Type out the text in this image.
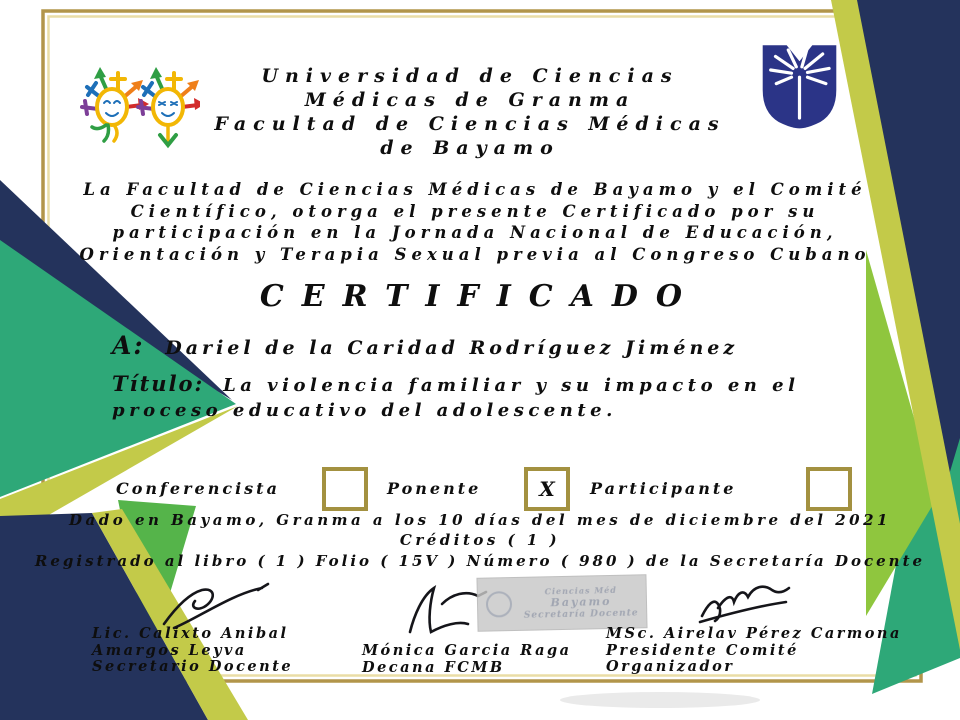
Universidad de Ciencias
Médicas de Granma
Facultad de Ciencias Médicas
de Bayamo
La Facultad de Ciencias Médicas de Bayamo y el Comité
Científico, otorga el presente Certificado por su
participación en la Jornada Nacional de Educación,
Orientación y Terapia Sexual previa al Congreso Cubano
CERTIFICADO
A: Dariel de la Caridad Rodríguez Jiménez
Título: La violencia familiar y su impacto en el
proceso educativo del adolescente.
Conferencista	Ponente	X Participante
Dado en Bayamo, Granma a los 10 días del mes de diciembre del 2021
Créditos ( 1 )
Registrado al libro ( 1 ) Folio ( 15V ) Número ( 980 ) de la Secretaría Docente
Ciencias Méd
Bayamo
Secretaría Docente
Lic. Calixto Anibal
Amargos Leyva
Secretario Docente
Mónica Garcia Raga
Decana FCMB
MSc. Airelav Pérez Carmona
Presidente Comité
Organizador
